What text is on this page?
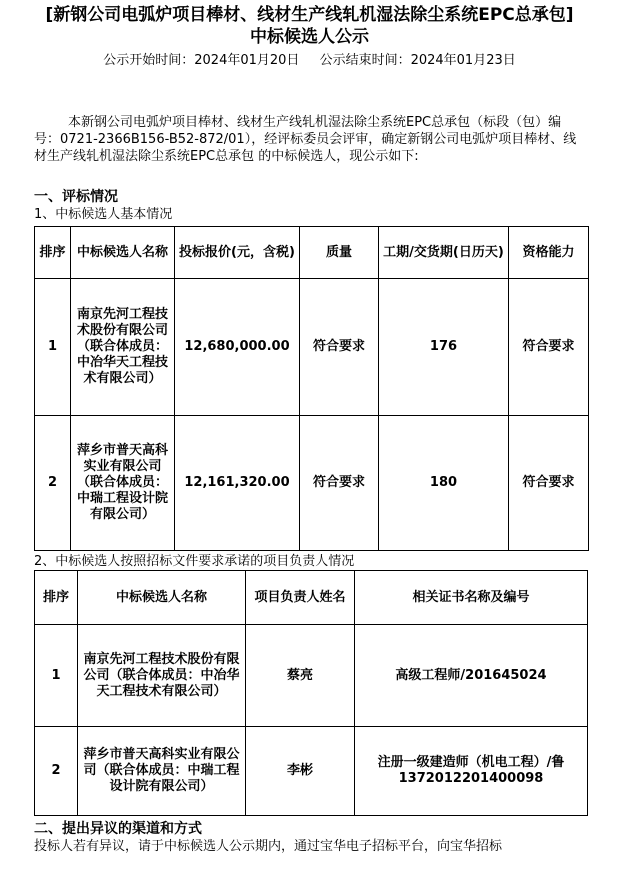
[新钢公司电弧炉项目棒材、线材生产线轧机湿法除尘系统EPC总承包]
中标候选人公示
公示开始时间：2024年01月20日 公示结束时间：2024年01月23日

本新钢公司电弧炉项目棒材、线材生产线轧机湿法除尘系统EPC总承包（标段（包）编号：0721-2366B156-B52-872/01），经评标委员会评审，确定新钢公司电弧炉项目棒材、线材生产线轧机湿法除尘系统EPC总承包 的中标候选人，现公示如下:

一、评标情况
1、中标候选人基本情况
排序	中标候选人名称	投标报价(元，含税)	质量	工期/交货期(日历天)	资格能力
1	南京先河工程技术股份有限公司（联合体成员：中冶华天工程技术有限公司）	12,680,000.00	符合要求	176	符合要求
2	萍乡市普天高科实业有限公司（联合体成员：中瑞工程设计院有限公司）	12,161,320.00	符合要求	180	符合要求
2、中标候选人按照招标文件要求承诺的项目负责人情况
排序	中标候选人名称	项目负责人姓名	相关证书名称及编号
1	南京先河工程技术股份有限公司（联合体成员：中冶华天工程技术有限公司）	蔡亮	高级工程师/201645024
2	萍乡市普天高科实业有限公司（联合体成员：中瑞工程设计院有限公司）	李彬	注册一级建造师（机电工程）/鲁1372012201400098
二、提出异议的渠道和方式
投标人若有异议，请于中标候选人公示期内，通过宝华电子招标平台，向宝华招标
